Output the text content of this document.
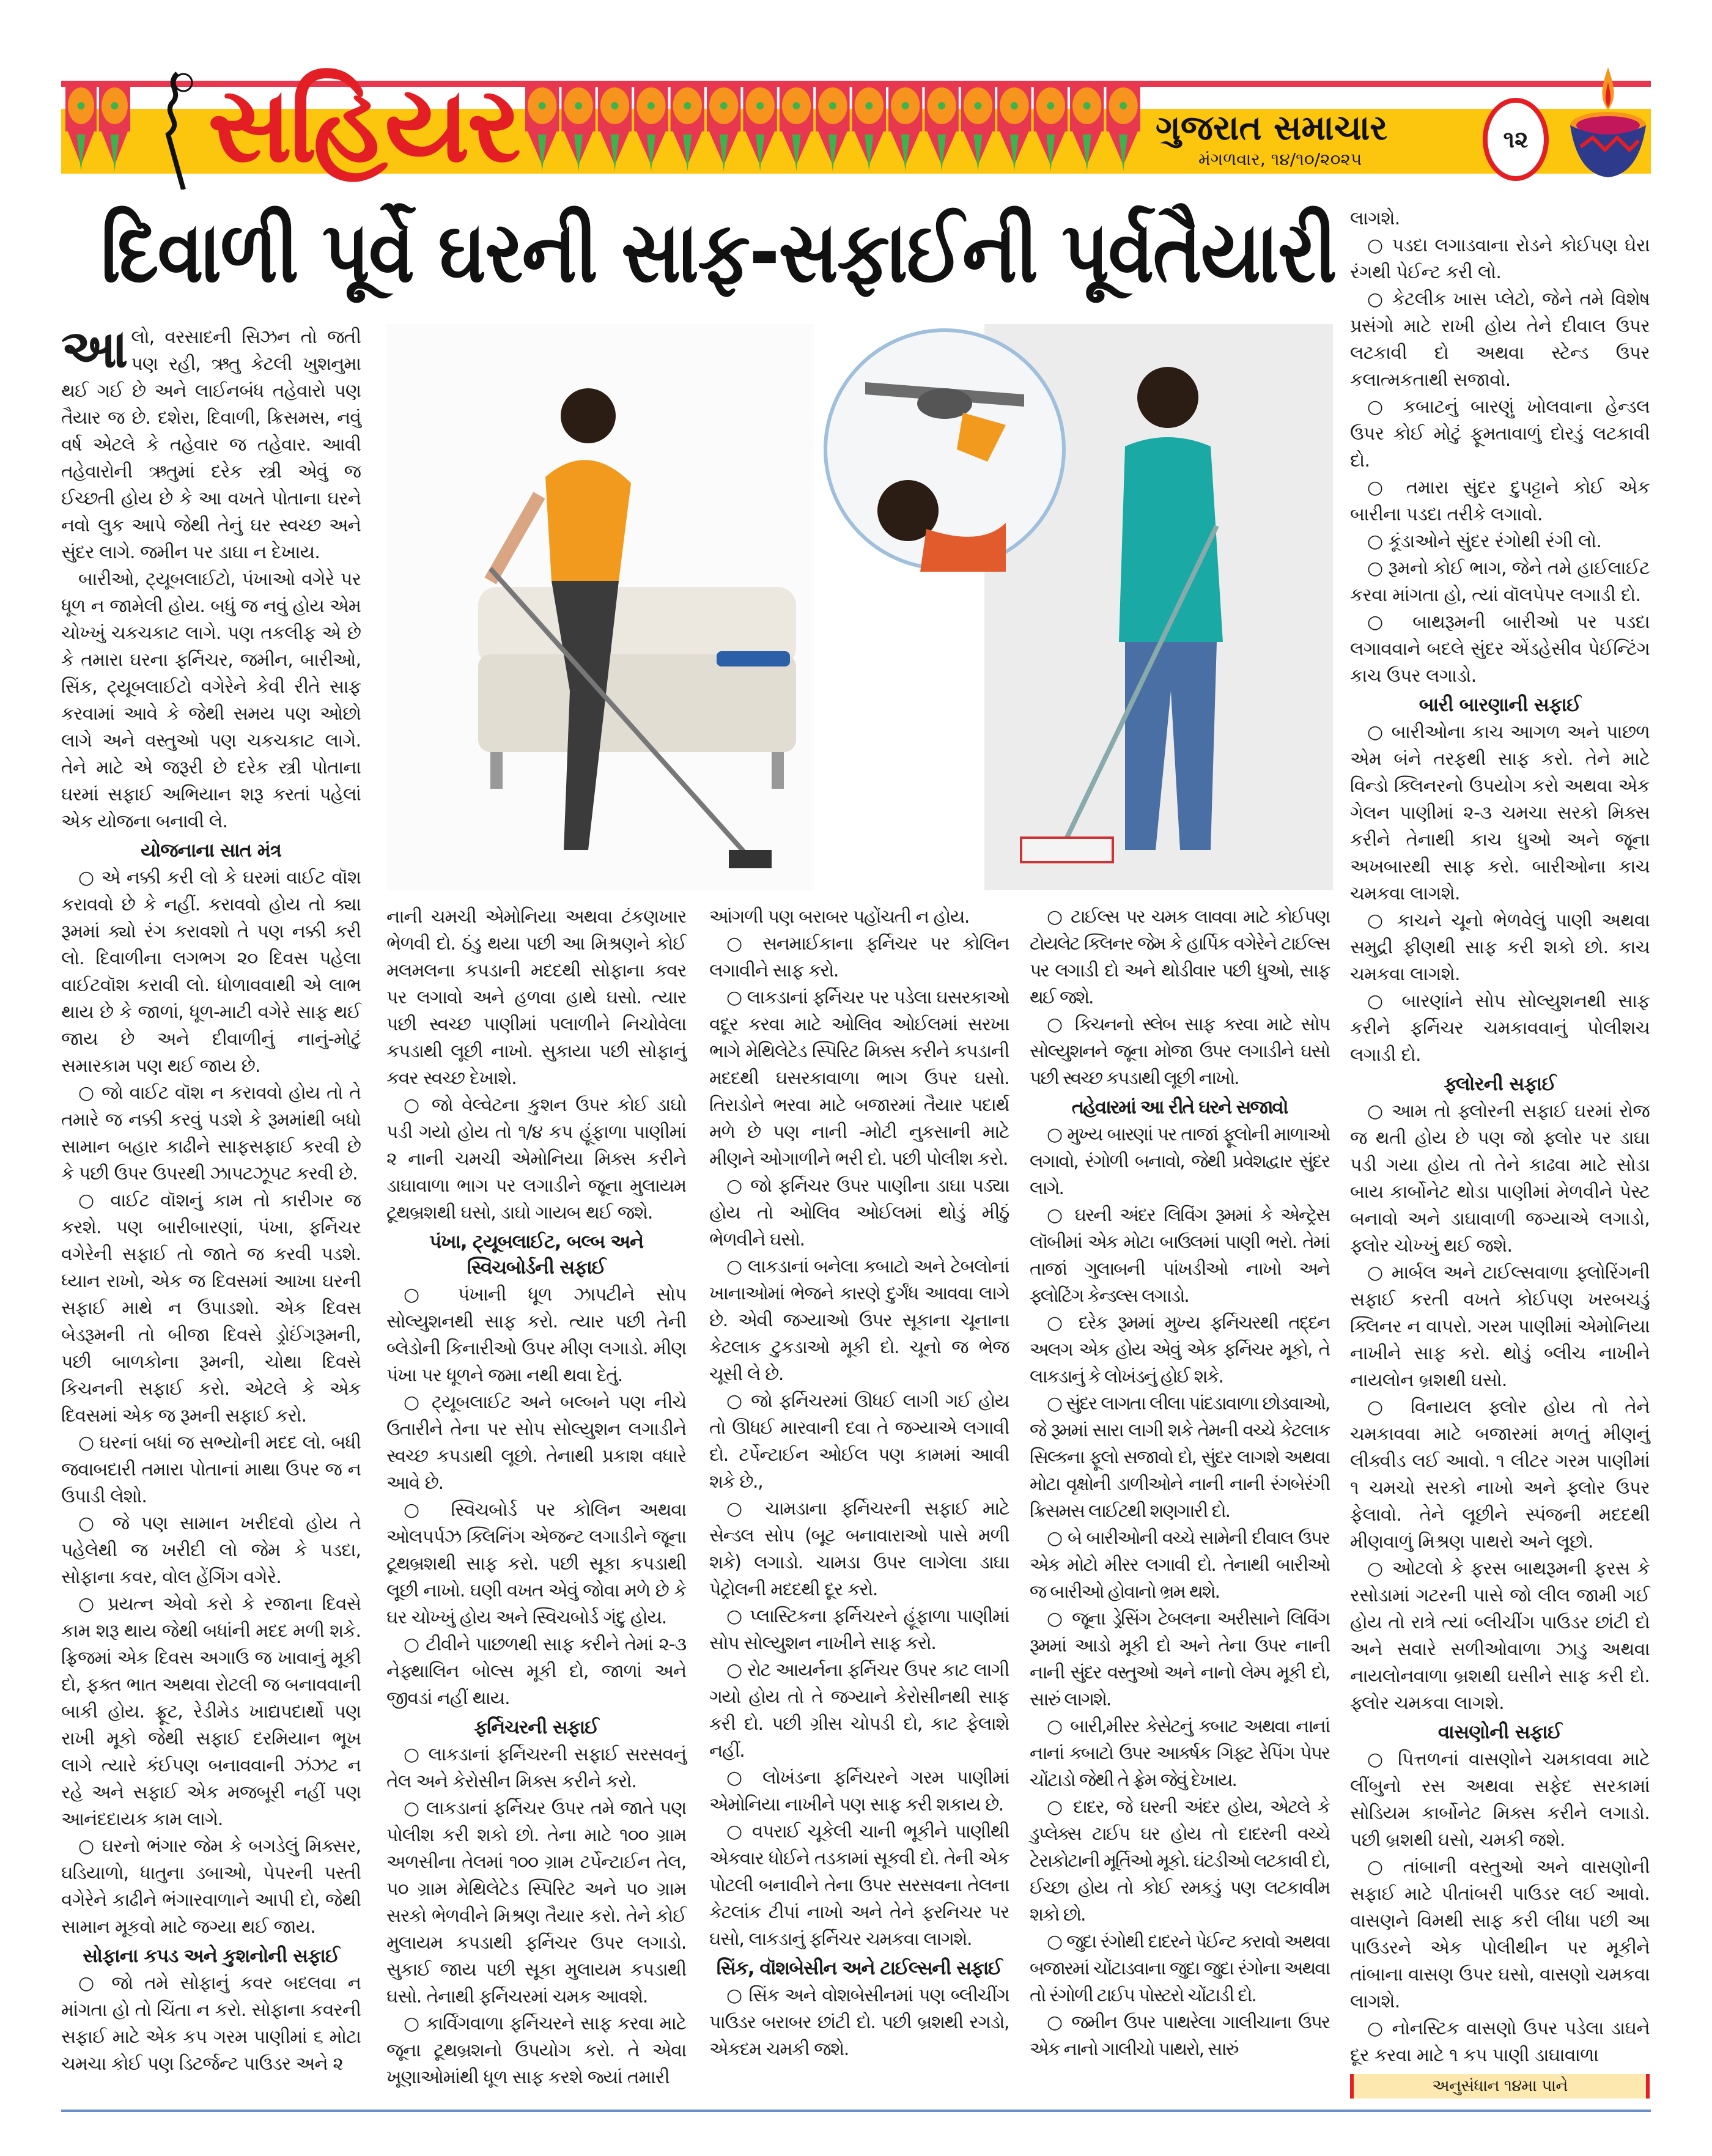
સહિયર	ગુજરાત સમાચાર
મંગળવાર, ૧૪/૧૦/૨૦૨૫
૧૨
દિવાળી પૂર્વે ઘરની સાફ-સફાઈની પૂર્વતૈયારી

આલો, વરસાદની સિઝન તો જતી પણ રહી, ઋતુ કેટલી ખુશનુમા થઈ ગઈ છે અને લાઈનબંધ તહેવારો પણ તૈયાર જ છે. દશેરા, દિવાળી, ક્રિસમસ, નવું વર્ષ એટલે કે તહેવાર જ તહેવાર. આવી તહેવારોની ઋતુમાં દરેક સ્ત્રી એવું જ ઈચ્છતી હોય છે કે આ વખતે પોતાના ઘરને નવો લુક આપે જેથી તેનું ઘર સ્વચ્છ અને સુંદર લાગે. જમીન પર ડાઘા ન દેખાય.

બારીઓ, ટ્યૂબલાઈટો, પંખાઓ વગેરે પર ધૂળ ન જામેલી હોય. બધું જ નવું હોય એમ ચોખ્ખું ચકચકાટ લાગે. પણ તકલીફ એ છે કે તમારા ઘરના ફર્નિચર, જમીન, બારીઓ, સિંક, ટ્યૂબલાઈટો વગેરેને કેવી રીતે સાફ કરવામાં આવે કે જેથી સમય પણ ઓછો લાગે અને વસ્તુઓ પણ ચકચકાટ લાગે. તેને માટે એ જરૂરી છે દરેક સ્ત્રી પોતાના ઘરમાં સફાઈ અભિયાન શરૂ કરતાં પહેલાં એક યોજના બનાવી લે.

યોજનાના સાત મંત્ર

○ એ નક્કી કરી લો કે ઘરમાં વાઈટ વૉશ કરાવવો છે કે નહીં. કરાવવો હોય તો ક્યા રૂમમાં ક્યો રંગ કરાવશો તે પણ નક્કી કરી લો. દિવાળીના લગભગ ૨૦ દિવસ પહેલા વાઈટવૉશ કરાવી લો. ધોળાવવાથી એ લાભ થાય છે કે જાળાં, ધૂળ-માટી વગેરે સાફ થઈ જાય છે અને દીવાળીનું નાનું-મોટું સમારકામ પણ થઈ જાય છે.

○ જો વાઈટ વૉશ ન કરાવવો હોય તો તે તમારે જ નક્કી કરવું પડશે કે રૂમમાંથી બધો સામાન બહાર કાઢીને સાફસફાઈ કરવી છે કે પછી ઉપર ઉપરથી ઝાપટઝૂપટ કરવી છે.

○ વાઈટ વૉશનું કામ તો કારીગર જ કરશે. પણ બારીબારણાં, પંખા, ફર્નિચર વગેરેની સફાઈ તો જાતે જ કરવી પડશે. ધ્યાન રાખો, એક જ દિવસમાં આખા ઘરની સફાઈ માથે ન ઉપાડશો. એક દિવસ બેડરૂમની તો બીજા દિવસે ડ્રોઈંગરૂમની, પછી બાળકોના રૂમની, ચોથા દિવસે કિચનની સફાઈ કરો. એટલે કે એક દિવસમાં એક જ રૂમની સફાઈ કરો.

○ ઘરનાં બધાં જ સભ્યોની મદદ લો. બધી જવાબદારી તમારા પોતાનાં માથા ઉપર જ ન ઉપાડી લેશો.

○ જે પણ સામાન ખરીદવો હોય તે પહેલેથી જ ખરીદી લો જેમ કે પડદા, સોફાના કવર, વોલ હેંગિંગ વગેરે.

○ પ્રયત્ન એવો કરો કે રજાના દિવસે કામ શરૂ થાય જેથી બધાંની મદદ મળી શકે. ફ્રિજમાં એક દિવસ અગાઉ જ ખાવાનું મૂકી દો, ફક્ત ભાત અથવા રોટલી જ બનાવવાની બાકી હોય. ફ્રૂટ, રેડીમેડ ખાદ્યપદાર્થો પણ રાખી મૂકો જેથી સફાઈ દરમિયાન ભૂખ લાગે ત્યારે કંઈપણ બનાવવાની ઝંઝટ ન રહે અને સફાઈ એક મજબૂરી નહીં પણ આનંદદાયક કામ લાગે.

○ ઘરનો ભંગાર જેમ કે બગડેલું મિક્સર, ઘડિયાળો, ધાતુના ડબાઓ, પેપરની પસ્તી વગેરેને કાઢીને ભંગારવાળાને આપી દો, જેથી સામાન મૂકવો માટે જગ્યા થઈ જાય.

સોફાના કપડ અને કુશનોની સફાઈ

○ જો તમે સોફાનું કવર બદલવા ન માંગતા હો તો ચિંતા ન કરો. સોફાના કવરની સફાઈ માટે એક કપ ગરમ પાણીમાં ૬ મોટા ચમચા કોઈ પણ ડિટર્જન્ટ પાઉડર અને ૨

નાની ચમચી એમોનિયા અથવા ટંકણખાર ભેળવી દો. ઠંડુ થયા પછી આ મિશ્રણને કોઈ મલમલના કપડાની મદદથી સોફાના કવર પર લગાવો અને હળવા હાથે ઘસો. ત્યાર પછી સ્વચ્છ પાણીમાં પલાળીને નિચોવેલા કપડાથી લૂછી નાખો. સુકાયા પછી સોફાનું કવર સ્વચ્છ દેખાશે.

○ જો વેલ્વેટના કુશન ઉપર કોઈ ડાઘો પડી ગયો હોય તો ૧/૪ કપ હૂંફાળા પાણીમાં ૨ નાની ચમચી એમોનિયા મિક્સ કરીને ડાઘાવાળા ભાગ પર લગાડીને જૂના મુલાયમ ટૂથબ્રશથી ઘસો, ડાઘો ગાયબ થઈ જશે.

પંખા, ટ્યૂબલાઈટ, બલ્બ અને સ્વિચબોર્ડની સફાઈ

○ પંખાની ધૂળ ઝાપટીને સોપ સોલ્યુશનથી સાફ કરો. ત્યાર પછી તેની બ્લેડોની કિનારીઓ ઉપર મીણ લગાડો. મીણ પંખા પર ધૂળને જમા નથી થવા દેતું.

○ ટ્યૂબલાઈટ અને બલ્બને પણ નીચે ઉતારીને તેના પર સોપ સોલ્યુશન લગાડીને સ્વચ્છ કપડાથી લૂછો. તેનાથી પ્રકાશ વધારે આવે છે.

○ સ્વિચબોર્ડ પર કોલિન અથવા ઓલપર્પઝ ક્લિનિંગ એજન્ટ લગાડીને જૂના ટૂથબ્રશથી સાફ કરો. પછી સૂકા કપડાથી લૂછી નાખો. ઘણી વખત એવું જોવા મળે છે કે ઘર ચોખ્ખું હોય અને સ્વિચબોર્ડ ગંદુ હોય.

○ ટીવીને પાછળથી સાફ કરીને તેમાં ૨-૩ નેફ્થાલિન બોલ્સ મૂકી દો, જાળાં અને જીવડાં નહીં થાય.

ફર્નિચરની સફાઈ

○ લાકડાનાં ફર્નિચરની સફાઈ સરસવનું તેલ અને કેરોસીન મિક્સ કરીને કરો.

○ લાકડાનાં ફર્નિચર ઉપર તમે જાતે પણ પોલીશ કરી શકો છો. તેના માટે ૧૦૦ ગ્રામ અળસીના તેલમાં ૧૦૦ ગ્રામ ટર્પેન્ટાઈન તેલ, ૫૦ ગ્રામ મેથિલેટેડ સ્પિરિટ અને ૫૦ ગ્રામ સરકો ભેળવીને મિશ્રણ તૈયાર કરો. તેને કોઈ મુલાયમ કપડાથી ફર્નિચર ઉપર લગાડો. સુકાઈ જાય પછી સૂકા મુલાયમ કપડાથી ઘસો. તેનાથી ફર્નિચરમાં ચમક આવશે.

○ કાર્વિંગવાળા ફર્નિચરને સાફ કરવા માટે જૂના ટૂથબ્રશનો ઉપયોગ કરો. તે એવા ખૂણાઓમાંથી ધૂળ સાફ કરશે જ્યાં તમારી

આંગળી પણ બરાબર પહોંચતી ન હોય.

○ સનમાઈકાના ફર્નિચર પર કોલિન લગાવીને સાફ કરો.

○ લાકડાનાં ફર્નિચર પર પડેલા ઘસરકાઓ વદૂર કરવા માટે ઓલિવ ઓઈલમાં સરખા ભાગે મેથિલેટેડ સ્પિરિટ મિક્સ કરીને કપડાની મદદથી ઘસરકાવાળા ભાગ ઉપર ઘસો. તિરાડોને ભરવા માટે બજારમાં તૈયાર પદાર્થ મળે છે પણ નાની -મોટી નુકસાની માટે મીણને ઓગાળીને ભરી દો. પછી પોલીશ કરો.

○ જો ફર્નિચર ઉપર પાણીના ડાઘા પડ્યા હોય તો ઓલિવ ઓઈલમાં થોડું મીઠું ભેળવીને ઘસો.

○ લાકડાનાં બનેલા કબાટો અને ટેબલોનાં ખાનાઓમાં ભેજને કારણે દુર્ગંધ આવવા લાગે છે. એવી જગ્યાઓ ઉપર સૂકાના ચૂનાના કેટલાક ટુકડાઓ મૂકી દો. ચૂનો જ ભેજ ચૂસી લે છે.

○ જો ફર્નિચરમાં ઊધઈ લાગી ગઈ હોય તો ઊધઈ મારવાની દવા તે જગ્યાએ લગાવી દો. ટર્પેન્ટાઈન ઓઈલ પણ કામમાં આવી શકે છે.,

○ ચામડાના ફર્નિચરની સફાઈ માટે સેન્ડલ સોપ (બૂટ બનાવારાઓ પાસે મળી શકે) લગાડો. ચામડા ઉપર લાગેલા ડાઘા પેટ્રોલની મદદથી દૂર કરો.

○ પ્લાસ્ટિકના ફર્નિચરને હૂંફાળા પાણીમાં સોપ સોલ્યુશન નાખીને સાફ કરો.

○ રોટ આયર્નના ફર્નિચર ઉપર કાટ લાગી ગયો હોય તો તે જગ્યાને કેરોસીનથી સાફ કરી દો. પછી ગ્રીસ ચોપડી દો, કાટ ફેલાશે નહીં.

○ લોખંડના ફર્નિચરને ગરમ પાણીમાં એમોનિયા નાખીને પણ સાફ કરી શકાય છે.

○ વપરાઈ ચૂકેલી ચાની ભૂકીને પાણીથી એકવાર ધોઈને તડકામાં સૂકવી દો. તેની એક પોટલી બનાવીને તેના ઉપર સરસવના તેલના કેટલાંક ટીપાં નાખો અને તેને ફરનિચર પર ઘસો, લાકડાનું ફર્નિચર ચમકવા લાગશે.

સિંક, વૉશબેસીન અને ટાઈલ્સની સફાઈ

○ સિંક અને વોશબેસીનમાં પણ બ્લીચીંગ પાઉડર બરાબર છાંટી દો. પછી બ્રશથી રગડો, એકદમ ચમકી જશે.

○ ટાઈલ્સ પર ચમક લાવવા માટે કોઈપણ ટોયલેટ ક્લિનર જેમ કે હાર્પિક વગેરેને ટાઈલ્સ પર લગાડી દો અને થોડીવાર પછી ધુઓ, સાફ થઈ જશે.

○ કિચનનો સ્લેબ સાફ કરવા માટે સોપ સોલ્યુશનને જૂના મોજા ઉપર લગાડીને ઘસો પછી સ્વચ્છ કપડાથી લૂછી નાખો.

તહેવારમાં આ રીતે ઘરને સજાવો

○ મુખ્ય બારણાં પર તાજાં ફૂલોની માળાઓ લગાવો, રંગોળી બનાવો, જેથી પ્રવેશદ્વાર સુંદર લાગે.

○ ઘરની અંદર લિવિંગ રૂમમાં કે એન્ટ્રેસ લૉબીમાં એક મોટા બાઉલમાં પાણી ભરો. તેમાં તાજાં ગુલાબની પાંખડીઓ નાખો અને ફ્લોટિંગ કેન્ડલ્સ લગાડો.

○ દરેક રૂમમાં મુખ્ય ફર્નિચરથી તદ્દન અલગ એક હોય એવું એક ફર્નિચર મૂકો, તે લાકડાનું કે લોખંડનું હોઈ શકે.

○ સુંદર લાગતા લીલા પાંદડાવાળા છોડવાઓ, જે રૂમમાં સારા લાગી શકે તેમની વચ્ચે કેટલાક સિલ્કના ફૂલો સજાવો દો, સુંદર લાગશે અથવા મોટા વૃક્ષોની ડાળીઓને નાની નાની રંગબેરંગી ક્રિસમસ લાઈટથી શણગારી દો.

○ બે બારીઓની વચ્ચે સામેની દીવાલ ઉપર એક મોટો મીરર લગાવી દો. તેનાથી બારીઓ જ બારીઓ હોવાનો ભ્રમ થશે.

○ જૂના ડ્રેસિંગ ટેબલના અરીસાને લિવિંગ રૂમમાં આડો મૂકી દો અને તેના ઉપર નાની નાની સુંદર વસ્તુઓ અને નાનો લેમ્પ મૂકી દો, સારું લાગશે.

○ બારી,મીરર કેસેટનું કબાટ અથવા નાનાં નાનાં કબાટો ઉપર આકર્ષક ગિફ્ટ રેપિંગ પેપર ચોંટાડો જેથી તે ફ્રેમ જેવું દેખાય.

○ દાદર, જે ઘરની અંદર હોય, એટલે કે ડુપ્લેક્સ ટાઈપ ઘર હોય તો દાદરની વચ્ચે ટેરાકોટાની મૂર્તિઓ મૂકો. ઘંટડીઓ લટકાવી દો, ઈચ્છા હોય તો કોઈ રમકડું પણ લટકાવીમ શકો છો.

○ જુદા રંગોથી દાદરને પેઈન્ટ કરાવો અથવા બજારમાં ચોંટાડવાના જુદા જુદા રંગોના અથવા તો રંગોળી ટાઈપ પોસ્ટરો ચોંટાડી દો.

○ જમીન ઉપર પાથરેલા ગાલીચાના ઉપર એક નાનો ગાલીચો પાથરો, સારું

લાગશે.

○ પડદા લગાડવાના રોડને કોઈપણ ઘેરા રંગથી પેઈન્ટ કરી લો.

○ કેટલીક ખાસ પ્લેટો, જેને તમે વિશેષ પ્રસંગો માટે રાખી હોય તેને દીવાલ ઉપર લટકાવી દો અથવા સ્ટેન્ડ ઉપર કલાત્મકતાથી સજાવો.

○ કબાટનું બારણું ખોલવાના હેન્ડલ ઉપર કોઈ મોટું ફૂમતાવાળું દોરડું લટકાવી દો.

○ તમારા સુંદર દુપટ્ટાને કોઈ એક બારીના પડદા તરીકે લગાવો.

○ કૂંડાઓને સુંદર રંગોથી રંગી લો.

○ રૂમનો કોઈ ભાગ, જેને તમે હાઈલાઈટ કરવા માંગતા હો, ત્યાં વૉલપેપર લગાડી દો.

○ બાથરૂમની બારીઓ પર પડદા લગાવવાને બદલે સુંદર એંડહેસીવ પેઈન્ટિંગ કાચ ઉપર લગાડો.

બારી બારણાની સફાઈ

○ બારીઓના કાચ આગળ અને પાછળ એમ બંને તરફથી સાફ કરો. તેને માટે વિન્ડો ક્લિનરનો ઉપયોગ કરો અથવા એક ગેલન પાણીમાં ૨-૩ ચમચા સરકો મિક્સ કરીને તેનાથી કાચ ધુઓ અને જૂના અખબારથી સાફ કરો. બારીઓના કાચ ચમકવા લાગશે.

○ કાચને ચૂનો ભેળવેલું પાણી અથવા સમુદ્રી ફીણથી સાફ કરી શકો છો. કાચ ચમકવા લાગશે.

○ બારણાંને સોપ સોલ્યુશનથી સાફ કરીને ફર્નિચર ચમકાવવાનું પોલીશચ લગાડી દો.

ફ્લોરની સફાઈ

○ આમ તો ફ્લોરની સફાઈ ઘરમાં રોજ જ થતી હોય છે પણ જો ફ્લોર પર ડાઘા પડી ગયા હોય તો તેને કાઢવા માટે સોડા બાય કાર્બોનેટ થોડા પાણીમાં મેળવીને પેસ્ટ બનાવો અને ડાઘાવાળી જગ્યાએ લગાડો, ફ્લોર ચોખ્ખું થઈ જશે.

○ માર્બલ અને ટાઈલ્સવાળા ફ્લોરિંગની સફાઈ કરતી વખતે કોઈપણ ખરબચડું ક્લિનર ન વાપરો. ગરમ પાણીમાં એમોનિયા નાખીને સાફ કરો. થોડું બ્લીચ નાખીને નાયલોન બ્રશથી ઘસો.

○ વિનાયલ ફ્લોર હોય તો તેને ચમકાવવા માટે બજારમાં મળતું મીણનું લીક્વીડ લઈ આવો. ૧ લીટર ગરમ પાણીમાં ૧ ચમચો સરકો નાખો અને ફ્લોર ઉપર ફેલાવો. તેને લૂછીને સ્પંજની મદદથી મીણવાળું મિશ્રણ પાથરો અને લૂછો.

○ ઓટલો કે ફરસ બાથરૂમની ફરસ કે રસોડામાં ગટરની પાસે જો લીલ જામી ગઈ હોય તો રાત્રે ત્યાં બ્લીચીંગ પાઉડર છાંટી દો અને સવારે સળીઓવાળા ઝાડુ અથવા નાયલોનવાળા બ્રશથી ઘસીને સાફ કરી દો. ફ્લોર ચમકવા લાગશે.

વાસણોની સફાઈ

○ પિત્તળનાં વાસણોને ચમકાવવા માટે લીંબુનો રસ અથવા સફેદ સરકામાં સોડિયમ કાર્બોનેટ મિક્સ કરીને લગાડો. પછી બ્રશથી ઘસો, ચમકી જશે.

○ તાંબાની વસ્તુઓ અને વાસણોની સફાઈ માટે પીતાંબરી પાઉડર લઈ આવો. વાસણને વિમથી સાફ કરી લીધા પછી આ પાઉડરને એક પોલીથીન પર મૂકીને તાંબાના વાસણ ઉપર ઘસો, વાસણો ચમકવા લાગશે.

○ નોનસ્ટિક વાસણો ઉપર પડેલા ડાઘને દૂર કરવા માટે ૧ કપ પાણી ડાઘાવાળા

અનુસંધાન ૧૪મા પાને
